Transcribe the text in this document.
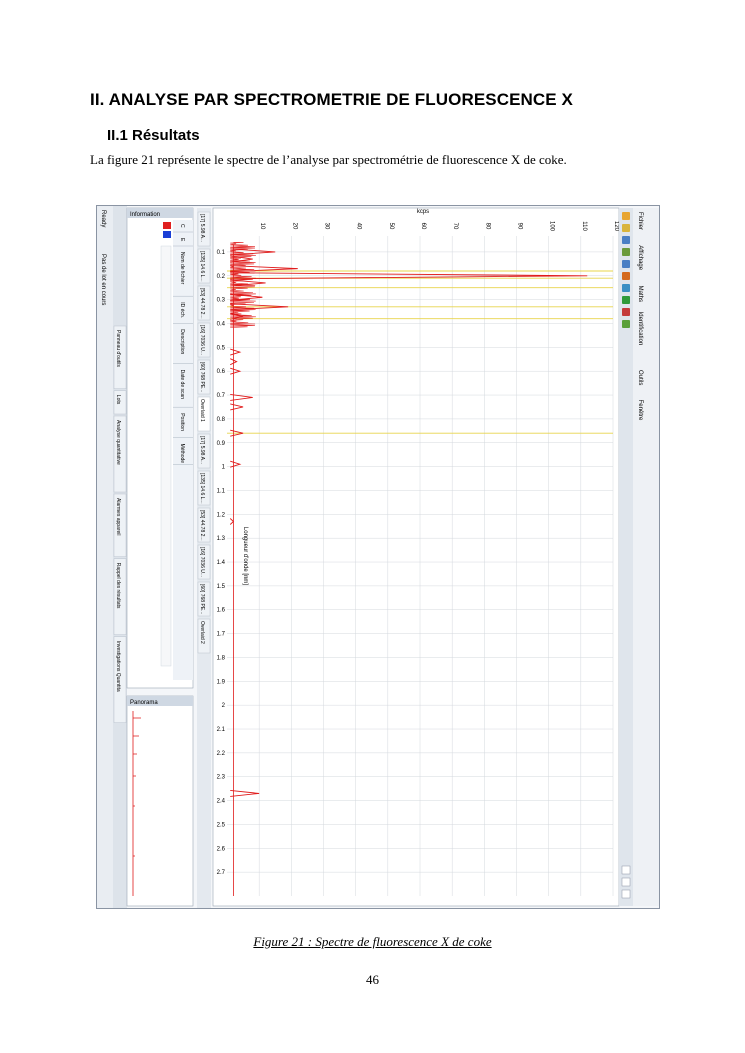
II. ANALYSE PAR SPECTROMETRIE DE FLUORESCENCE X
II.1 Résultats
La figure 21 représente le spectre de l’analyse par spectrométrie de fluorescence X de coke.
Ready
Pas de lot en cours
Panneau d'outils
Lots
Analyse quantitative
Alarmes appareil
Rappel des résultats
Investigations Quantita
Information
C
E
Nom de fichier
ID éch.
Description
Date de scan
Position
Méthode
Panorama
[17] 5.98 A...
[135] 14.6 L...
[53] 44.78 2...
[16] 7036 U...
[60] 768 PE...
Overlaid 1
[17] 5.98 A...
[135] 14.6 L...
[53] 44.78 2...
[16] 7036 U...
[60] 768 PE...
Overlaid 2
0.1
0.2
0.3
0.4
0.5
0.6
0.7
0.8
0.9
1
1.1
1.2
1.3
1.4
1.5
1.6
1.7
1.8
1.9
2
2.1
2.2
2.3
2.4
2.5
2.6
2.7
10	20	30	40	50	60	70	80	90	100	110	120
kcps
Longueur d'onde [nm]
Fichier
Affichage
Maths
Identification
Outils
Fenêtre
Figure 21 : Spectre de fluorescence X de coke
46
